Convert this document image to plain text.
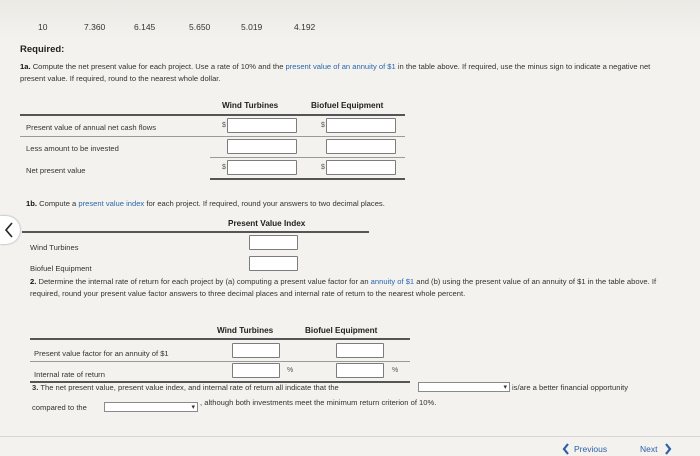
10	7.360	6.145	5.650	5.019	4.192
Required:
1a. Compute the net present value for each project. Use a rate of 10% and the present value of an annuity of $1 in the table above. If required, use the minus sign to indicate a negative net present value. If required, round to the nearest whole dollar.
Wind Turbines	Biofuel Equipment
Present value of annual net cash flows	$	$
Less amount to be invested
Net present value	$	$
1b. Compute a present value index for each project. If required, round your answers to two decimal places.
Present Value Index
Wind Turbines
Biofuel Equipment
2. Determine the internal rate of return for each project by (a) computing a present value factor for an annuity of $1 and (b) using the present value of an annuity of $1 in the table above. If required, round your present value factor answers to three decimal places and internal rate of return to the nearest whole percent.
Wind Turbines	Biofuel Equipment
Present value factor for an annuity of $1
Internal rate of return	%	%
3. The net present value, present value index, and internal rate of return all indicate that the	▾ is/are a better financial opportunity
compared to the	▾
, although both investments meet the minimum return criterion of 10%.
Previous	Next
